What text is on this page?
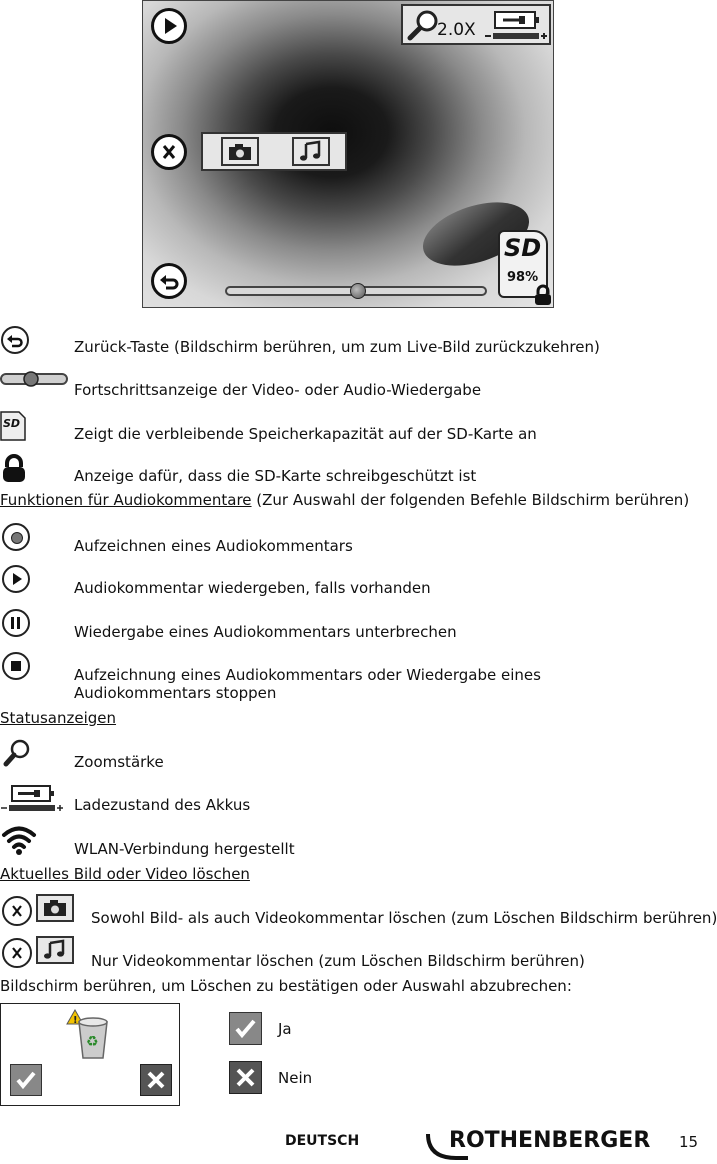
2.0X
SD
98%
Zurück-Taste (Bildschirm berühren, um zum Live-Bild zurückzukehren)
Fortschrittsanzeige der Video- oder Audio-Wiedergabe
SD
Zeigt die verbleibende Speicherkapazität auf der SD-Karte an
Anzeige dafür, dass die SD-Karte schreibgeschützt ist
Funktionen für Audiokommentare (Zur Auswahl der folgenden Befehle Bildschirm berühren)
Aufzeichnen eines Audiokommentars
Audiokommentar wiedergeben, falls vorhanden
Wiedergabe eines Audiokommentars unterbrechen
Aufzeichnung eines Audiokommentars oder Wiedergabe eines Audiokommentars stoppen
Statusanzeigen
Zoomstärke
Ladezustand des Akkus
WLAN-Verbindung hergestellt
Aktuelles Bild oder Video löschen
Sowohl Bild- als auch Videokommentar löschen (zum Löschen Bildschirm berühren)
Nur Videokommentar löschen (zum Löschen Bildschirm berühren)
Bildschirm berühren, um Löschen zu bestätigen oder Auswahl abzubrechen:
!
♻
Ja
Nein
DEUTSCH	ROTHENBERGER 15
